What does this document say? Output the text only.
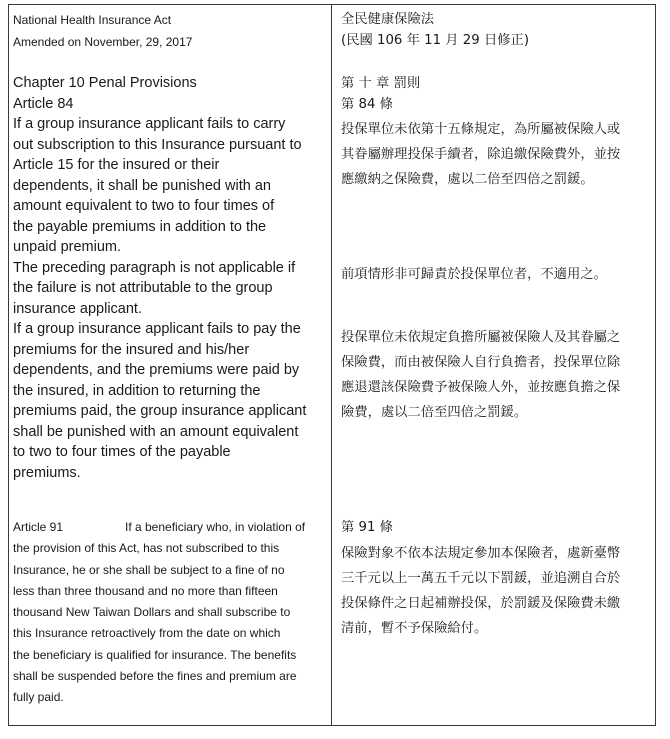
National Health Insurance Act
Amended on November, 29, 2017
Chapter 10 Penal Provisions
Article 84
If a group insurance applicant fails to carry
out subscription to this Insurance pursuant to
Article 15 for the insured or their
dependents, it shall be punished with an
amount equivalent to two to four times of
the payable premiums in addition to the
unpaid premium.
The preceding paragraph is not applicable if
the failure is not attributable to the group
insurance applicant.
If a group insurance applicant fails to pay the
premiums for the insured and his/her
dependents, and the premiums were paid by
the insured, in addition to returning the
premiums paid, the group insurance applicant
shall be punished with an amount equivalent
to two to four times of the payable
premiums.
Article 91	If a beneficiary who, in violation of
the provision of this Act, has not subscribed to this
Insurance, he or she shall be subject to a fine of no
less than three thousand and no more than fifteen
thousand New Taiwan Dollars and shall subscribe to
this Insurance retroactively from the date on which
the beneficiary is qualified for insurance. The benefits
shall be suspended before the fines and premium are
fully paid.
全民健康保險法
(民國 106 年 11 月 29 日修正)
第 十 章 罰則
第 84 條
投保單位未依第十五條規定，為所屬被保險人或
其眷屬辦理投保手續者，除追繳保險費外，並按
應繳納之保險費，處以二倍至四倍之罰鍰。
前項情形非可歸責於投保單位者，不適用之。
投保單位未依規定負擔所屬被保險人及其眷屬之
保險費，而由被保險人自行負擔者，投保單位除
應退還該保險費予被保險人外，並按應負擔之保
險費，處以二倍至四倍之罰鍰。
第 91 條
保險對象不依本法規定參加本保險者，處新臺幣
三千元以上一萬五千元以下罰鍰，並追溯自合於
投保條件之日起補辦投保，於罰鍰及保險費未繳
清前，暫不予保險給付。
